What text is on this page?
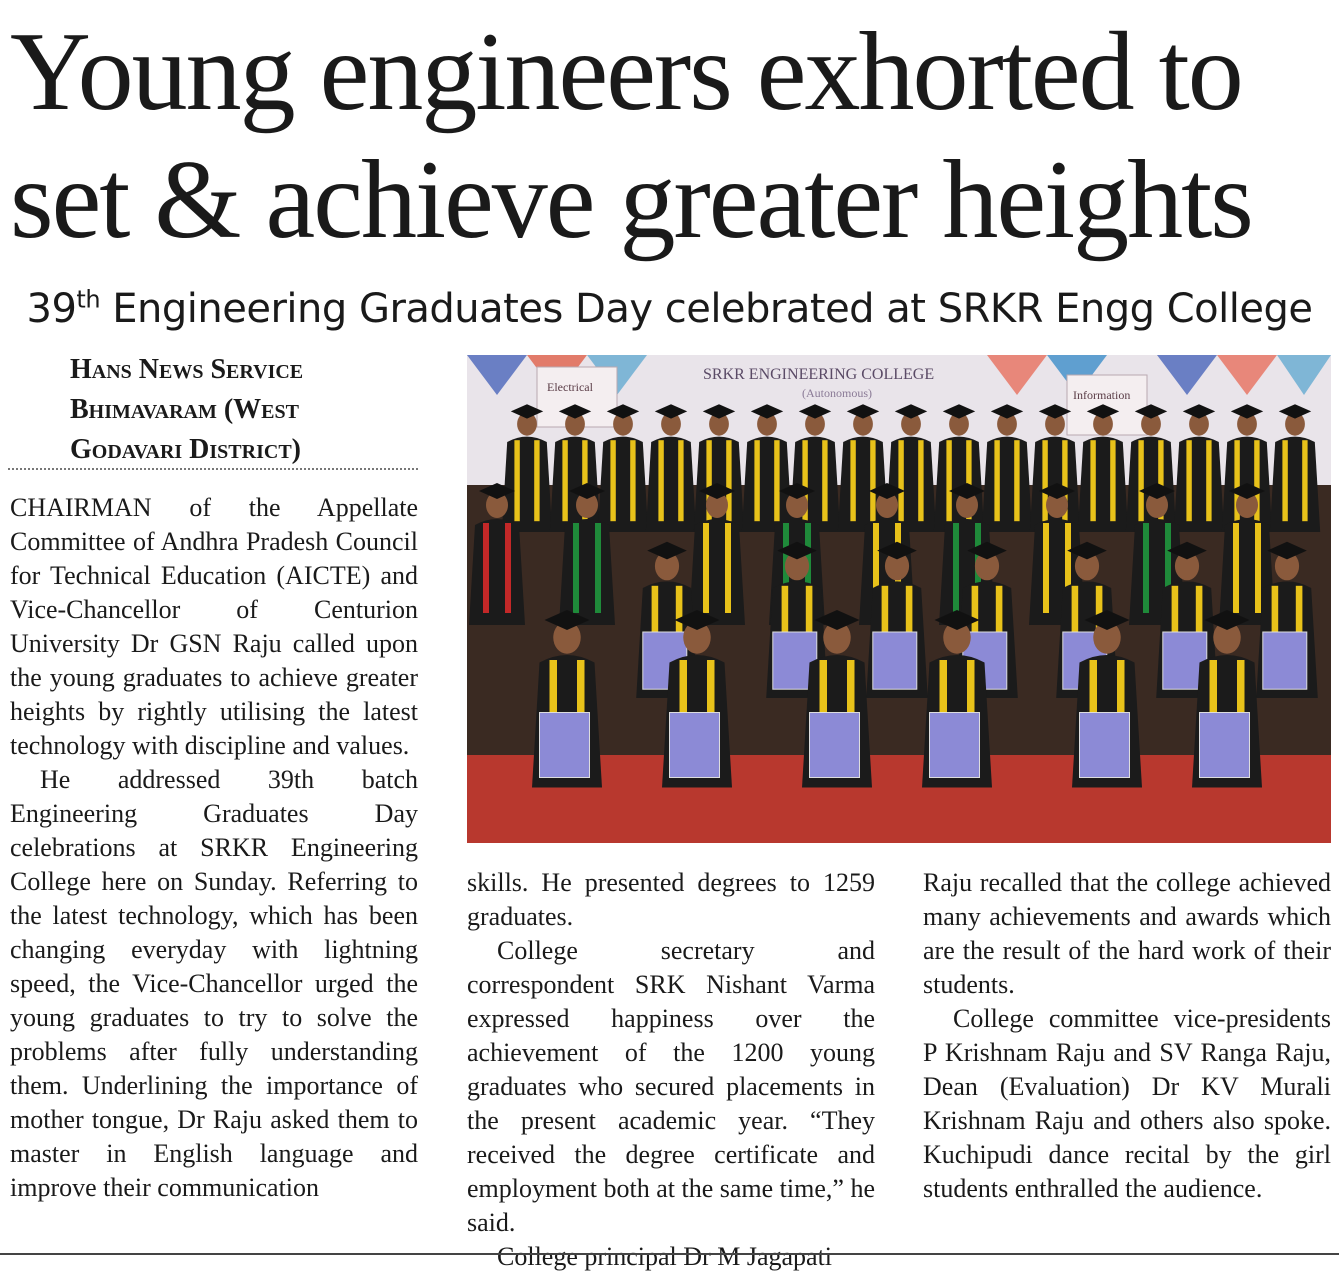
Young engineers exhorted to
set & achieve greater heights
39th Engineering Graduates Day celebrated at SRKR Engg College
Hans News Service
Bhimavaram (West
Godavari District)

CHAIRMAN of the Appellate Committee of Andhra Pradesh Council for Technical Education (AICTE) and Vice-Chancellor of Centurion University Dr GSN Raju called upon the young graduates to achieve greater heights by rightly utilising the latest technology with discipline and values.

He addressed 39th batch Engineering Graduates Day celebrations at SRKR Engineering College here on Sunday. Referring to the latest technology, which has been changing everyday with lightning speed, the Vice-Chancellor urged the young graduates to try to solve the problems after fully understanding them. Underlining the importance of mother tongue, Dr Raju asked them to master in English language and improve their communication

Electrical
Information
SRKR ENGINEERING COLLEGE
(Autonomous)

skills. He presented degrees to 1259 graduates.

College secretary and correspondent SRK Nishant Varma expressed happiness over the achievement of the 1200 young graduates who secured placements in the present academic year. “They received the degree certificate and employment both at the same time,” he said.

College principal Dr M Jagapati

Raju recalled that the college achieved many achievements and awards which are the result of the hard work of their students.

College committee vice-presidents P Krishnam Raju and SV Ranga Raju, Dean (Evaluation) Dr KV Murali Krishnam Raju and others also spoke. Kuchipudi dance recital by the girl students enthralled the audience.
